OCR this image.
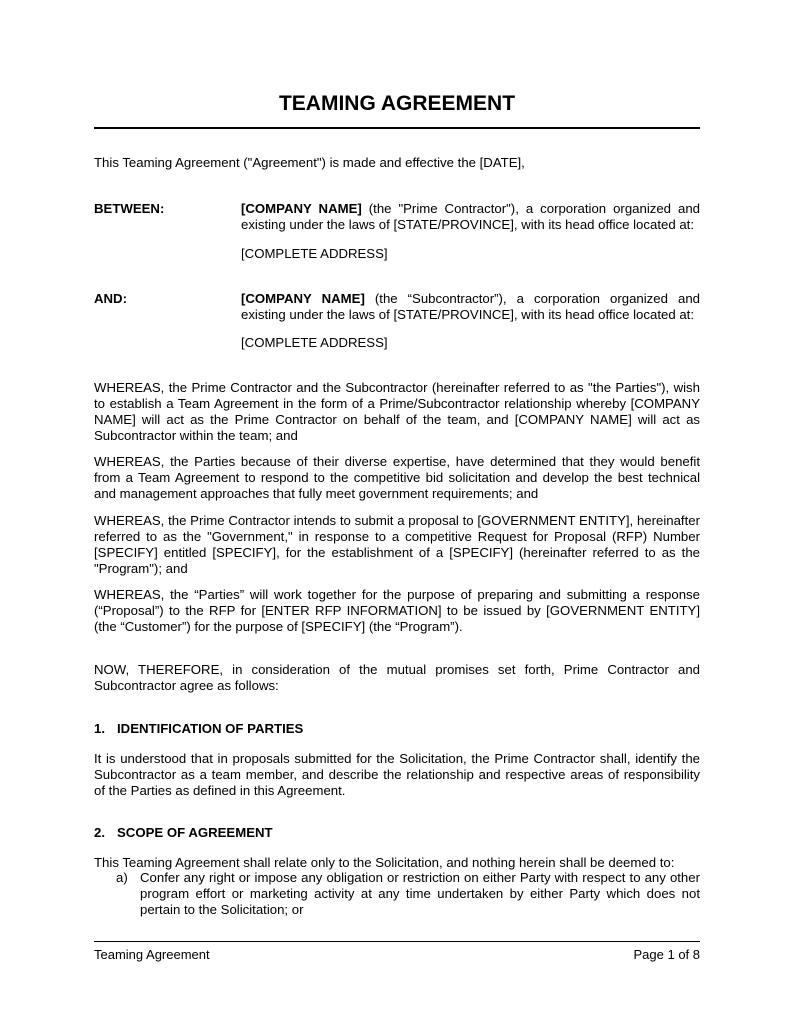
TEAMING AGREEMENT

This Teaming Agreement ("Agreement") is made and effective the [DATE],

BETWEEN:	[COMPANY NAME] (the "Prime Contractor"), a corporation organized and existing under the laws of [STATE/PROVINCE], with its head office located at:

[COMPLETE ADDRESS]

AND:	[COMPANY NAME] (the “Subcontractor”), a corporation organized and existing under the laws of [STATE/PROVINCE], with its head office located at:

[COMPLETE ADDRESS]

WHEREAS, the Prime Contractor and the Subcontractor (hereinafter referred to as "the Parties"), wish to establish a Team Agreement in the form of a Prime/Subcontractor relationship whereby [COMPANY NAME] will act as the Prime Contractor on behalf of the team, and [COMPANY NAME] will act as Subcontractor within the team; and

WHEREAS, the Parties because of their diverse expertise, have determined that they would benefit from a Team Agreement to respond to the competitive bid solicitation and develop the best technical and management approaches that fully meet government requirements; and

WHEREAS, the Prime Contractor intends to submit a proposal to [GOVERNMENT ENTITY], hereinafter referred to as the "Government," in response to a competitive Request for Proposal (RFP) Number [SPECIFY] entitled [SPECIFY], for the establishment of a [SPECIFY] (hereinafter referred to as the "Program"); and

WHEREAS, the “Parties” will work together for the purpose of preparing and submitting a response (“Proposal”) to the RFP for [ENTER RFP INFORMATION] to be issued by [GOVERNMENT ENTITY] (the “Customer”) for the purpose of [SPECIFY] (the “Program”).

NOW, THEREFORE, in consideration of the mutual promises set forth, Prime Contractor and Subcontractor agree as follows:

1. IDENTIFICATION OF PARTIES

It is understood that in proposals submitted for the Solicitation, the Prime Contractor shall, identify the Subcontractor as a team member, and describe the relationship and respective areas of responsibility of the Parties as defined in this Agreement.

2. SCOPE OF AGREEMENT

This Teaming Agreement shall relate only to the Solicitation, and nothing herein shall be deemed to:

a) Confer any right or impose any obligation or restriction on either Party with respect to any other program effort or marketing activity at any time undertaken by either Party which does not pertain to the Solicitation; or
Teaming Agreement	Page 1 of 8
